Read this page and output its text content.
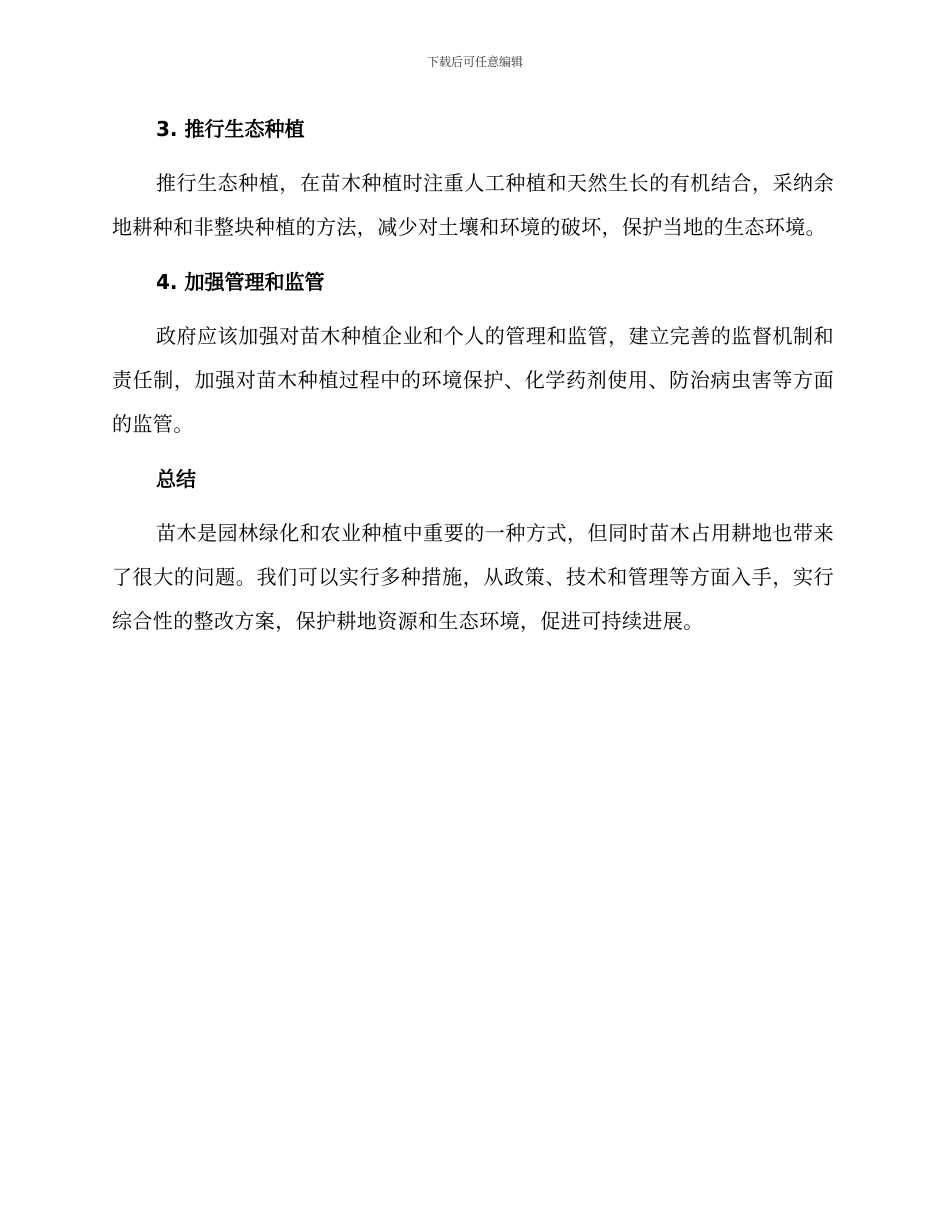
下载后可任意编辑
3. 推行生态种植

推行生态种植，在苗木种植时注重人工种植和天然生长的有机结合，采纳余地耕种和非整块种植的方法，减少对土壤和环境的破坏，保护当地的生态环境。

4. 加强管理和监管

政府应该加强对苗木种植企业和个人的管理和监管，建立完善的监督机制和责任制，加强对苗木种植过程中的环境保护、化学药剂使用、防治病虫害等方面的监管。

总结

苗木是园林绿化和农业种植中重要的一种方式，但同时苗木占用耕地也带来了很大的问题。我们可以实行多种措施，从政策、技术和管理等方面入手，实行综合性的整改方案，保护耕地资源和生态环境，促进可持续进展。
